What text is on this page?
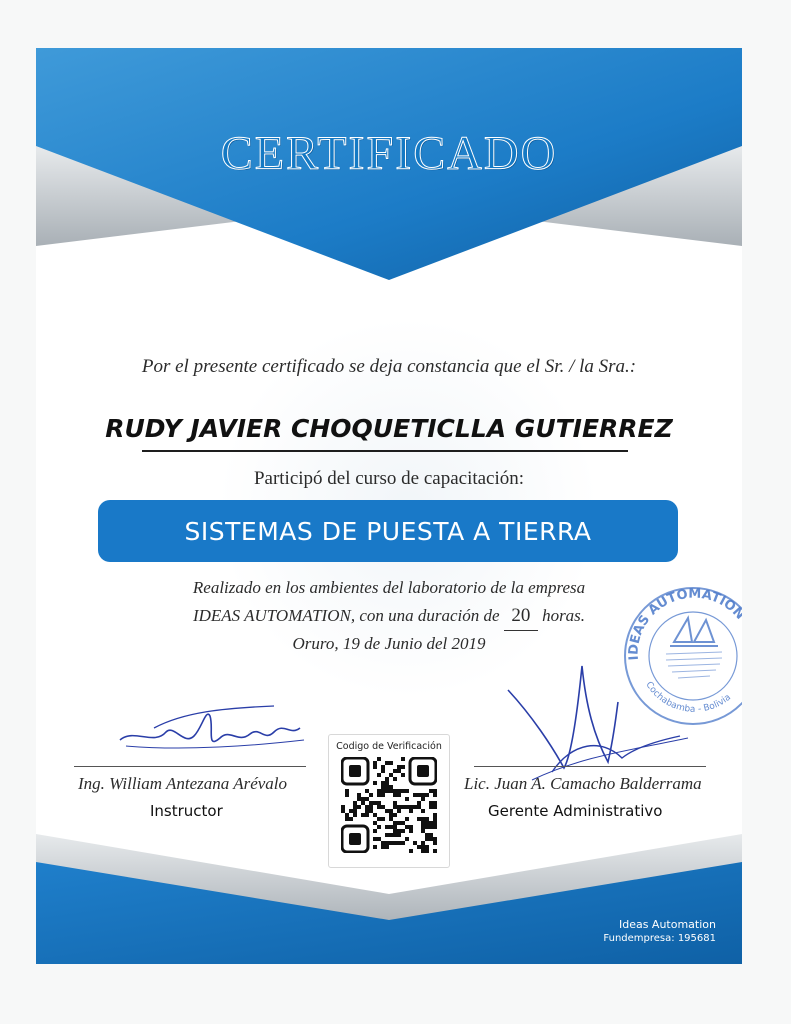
CERTIFICADO
Por el presente certificado se deja constancia que el Sr. / la Sra.:
RUDY JAVIER CHOQUETICLLA GUTIERREZ
Participó del curso de capacitación:
SISTEMAS DE PUESTA A TIERRA
Realizado en los ambientes del laboratorio de la empresa
IDEAS AUTOMATION, con una duración de 20 horas.
Oruro, 19 de Junio del 2019
IDEAS AUTOMATION
Cochabamba - Bolivia
Ing. William Antezana Arévalo
Instructor
Lic. Juan A. Camacho Balderrama
Gerente Administrativo
Codigo de Verificación
Ideas Automation
Fundempresa: 195681
